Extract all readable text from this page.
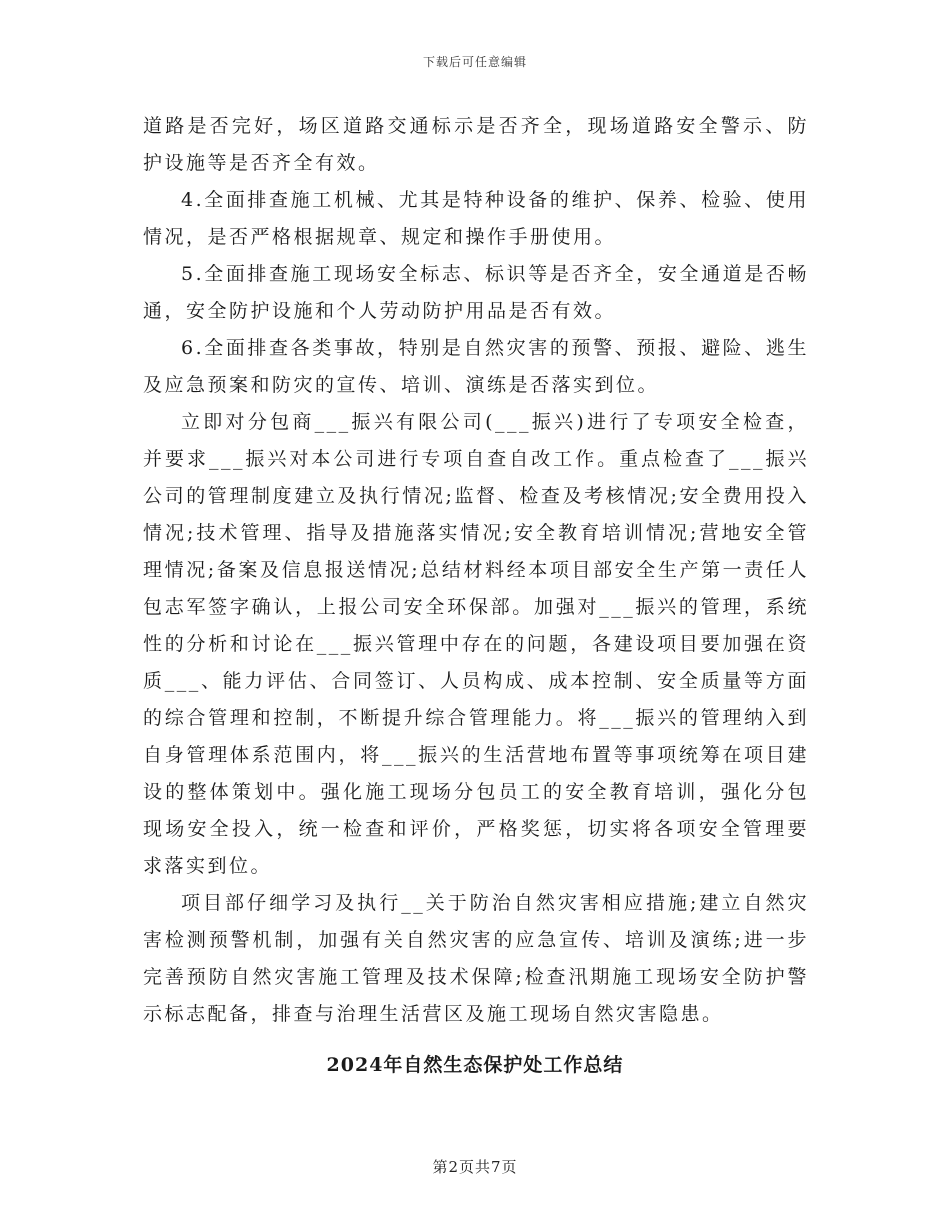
下载后可任意编辑

道路是否完好，场区道路交通标示是否齐全，现场道路安全警示、防护设施等是否齐全有效。

4.全面排查施工机械、尤其是特种设备的维护、保养、检验、使用情况，是否严格根据规章、规定和操作手册使用。

5.全面排查施工现场安全标志、标识等是否齐全，安全通道是否畅通，安全防护设施和个人劳动防护用品是否有效。

6.全面排查各类事故，特别是自然灾害的预警、预报、避险、逃生及应急预案和防灾的宣传、培训、演练是否落实到位。

立即对分包商___振兴有限公司(___振兴)进行了专项安全检查，并要求___振兴对本公司进行专项自查自改工作。重点检查了___振兴公司的管理制度建立及执行情况;监督、检查及考核情况;安全费用投入情况;技术管理、指导及措施落实情况;安全教育培训情况;营地安全管理情况;备案及信息报送情况;总结材料经本项目部安全生产第一责任人包志军签字确认，上报公司安全环保部。加强对___振兴的管理，系统性的分析和讨论在___振兴管理中存在的问题，各建设项目要加强在资质___、能力评估、合同签订、人员构成、成本控制、安全质量等方面的综合管理和控制，不断提升综合管理能力。将___振兴的管理纳入到自身管理体系范围内，将___振兴的生活营地布置等事项统筹在项目建设的整体策划中。强化施工现场分包员工的安全教育培训，强化分包现场安全投入，统一检查和评价，严格奖惩，切实将各项安全管理要求落实到位。

项目部仔细学习及执行__关于防治自然灾害相应措施;建立自然灾害检测预警机制，加强有关自然灾害的应急宣传、培训及演练;进一步完善预防自然灾害施工管理及技术保障;检查汛期施工现场安全防护警示标志配备，排查与治理生活营区及施工现场自然灾害隐患。

2024年自然生态保护处工作总结
第2页共7页
